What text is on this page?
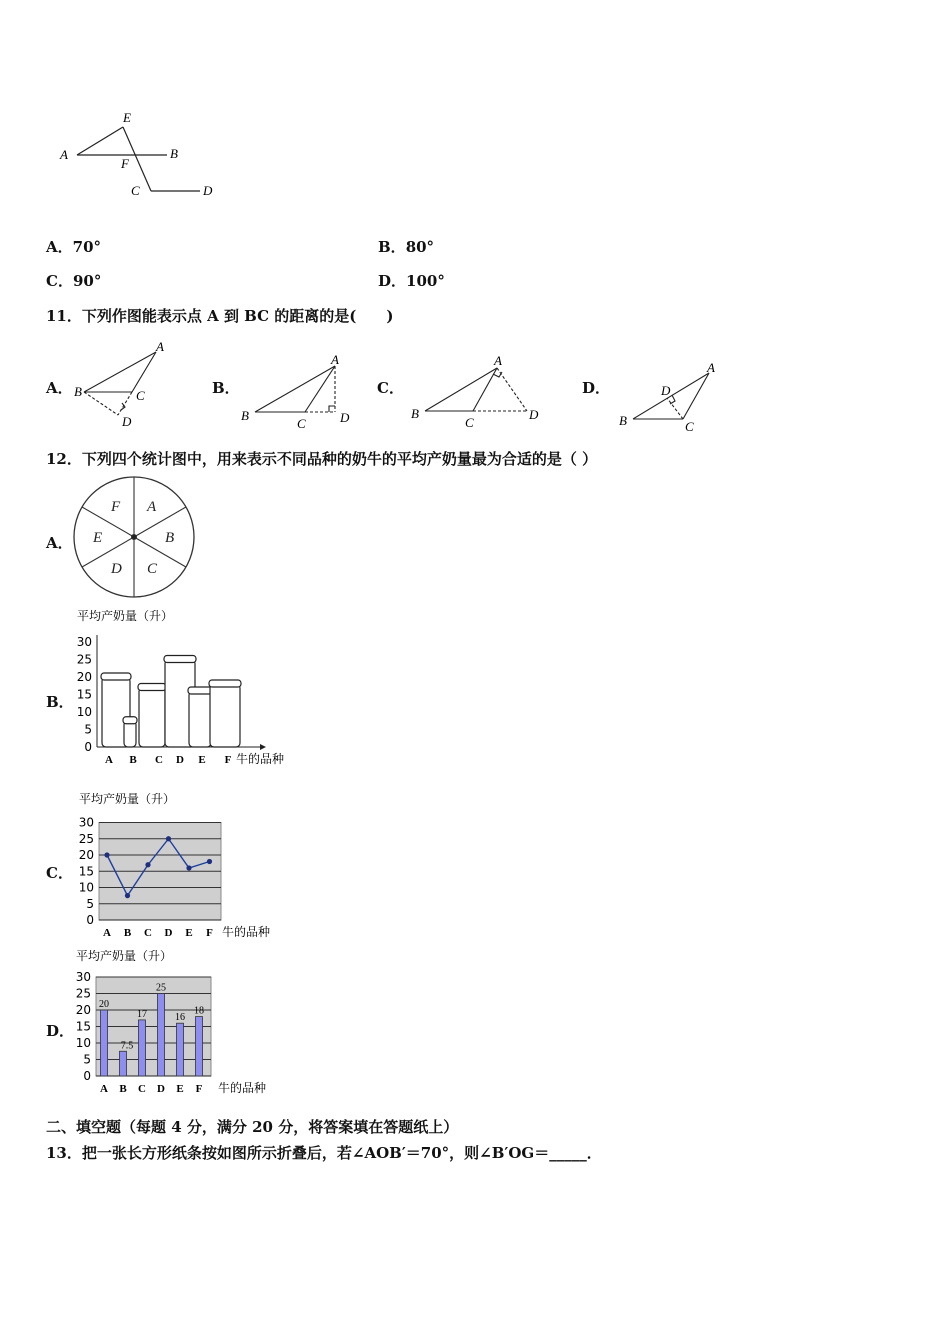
A
E
B
F
C	D
A．70°	B．80°
C．90°	D．100°
11．下列作图能表示点 A 到 BC 的距离的是(　　)
A．
A
B	C
D
B．
A
B
C	D
C．
A
B
C
D
D．
A
D
B	C
12．下列四个统计图中，用来表示不同品种的奶牛的平均产奶量最为合适的是（ ）
A．
A
B
C
D
E
F
B．
平均产奶量（升）
0
5
10
15
20
25
30
A B C D E F 牛的品种
C．
平均产奶量（升）
0
5
10
15
20
25
30
A B C D E F 牛的品种
D．
20
7.5
17
25
16
18
平均产奶量（升）
0
5
10
15
20
25
30
A B C D E F 牛的品种
二、填空题（每题 4 分，满分 20 分，将答案填在答题纸上）
13．把一张长方形纸条按如图所示折叠后，若∠AOB′＝70°，则∠B′OG＝_____．
